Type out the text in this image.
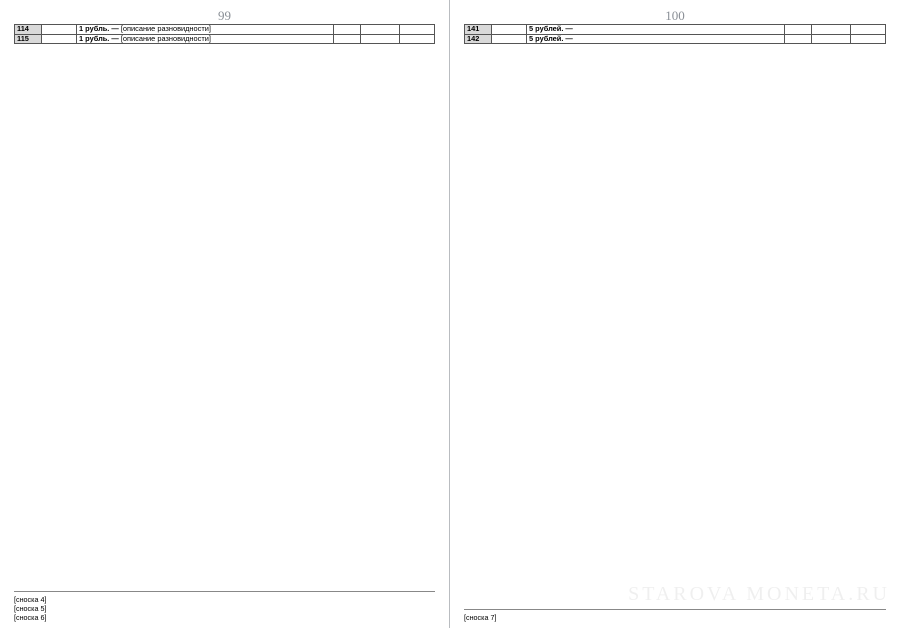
99
114		1 рубль. — [описание разновидности]			
115		1 рубль. — [описание разновидности]			
[сноска 4]
[сноска 5]
[сноска 6]
100
141		5 рублей. —			
142		5 рублей. —			
[сноска 7]
STAROVA MONETA.RU
